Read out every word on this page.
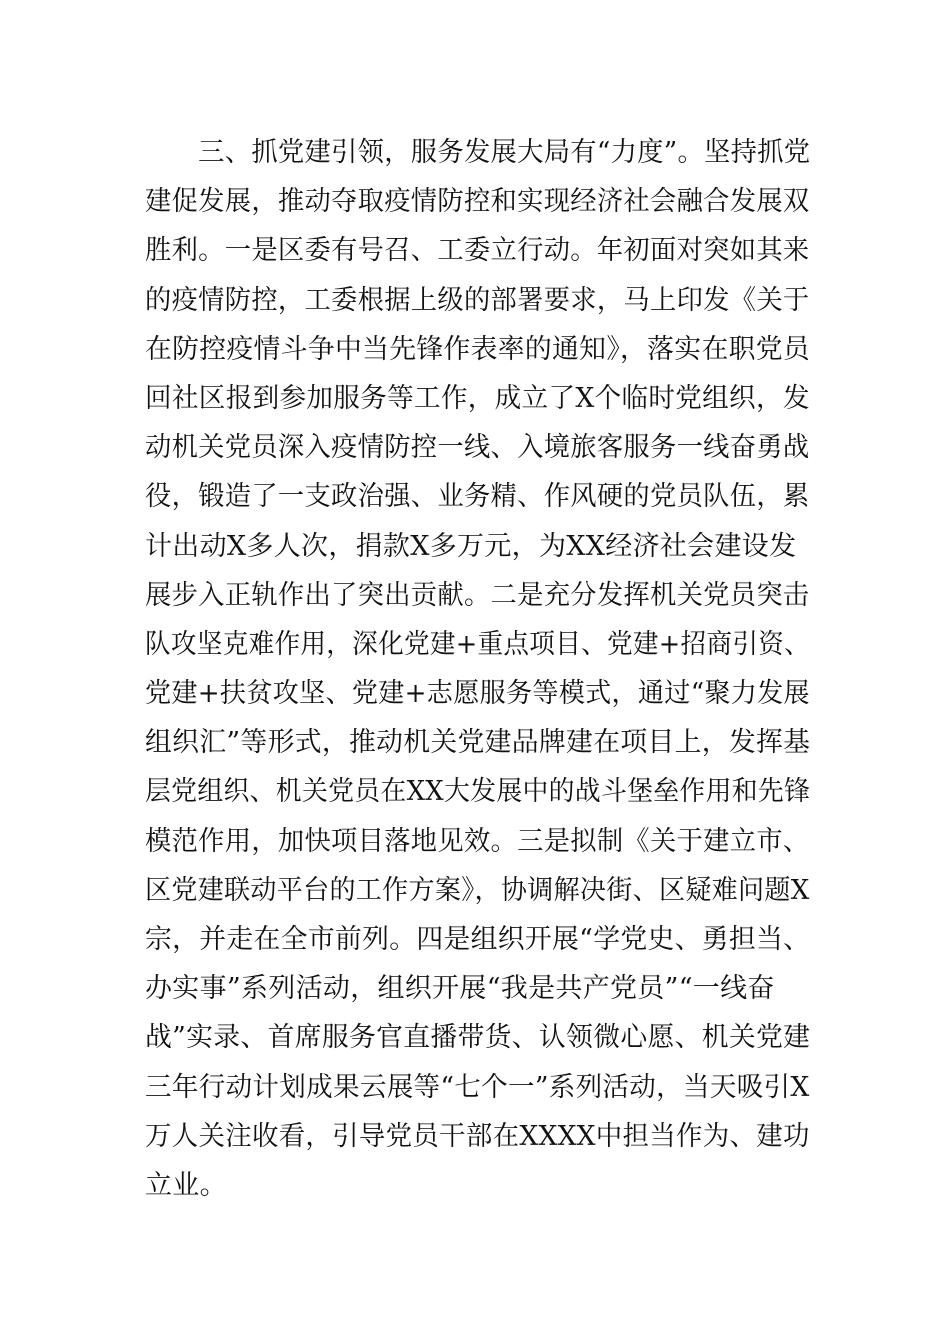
　　三、抓党建引领，服务发展大局有“力度”。坚持抓党
建促发展，推动夺取疫情防控和实现经济社会融合发展双
胜利。一是区委有号召、工委立行动。年初面对突如其来
的疫情防控，工委根据上级的部署要求，马上印发《关于
在防控疫情斗争中当先锋作表率的通知》，落实在职党员
回社区报到参加服务等工作，成立了X个临时党组织，发
动机关党员深入疫情防控一线、入境旅客服务一线奋勇战
役，锻造了一支政治强、业务精、作风硬的党员队伍，累
计出动X多人次，捐款X多万元，为XX经济社会建设发
展步入正轨作出了突出贡献。二是充分发挥机关党员突击
队攻坚克难作用，深化党建+重点项目、党建+招商引资、
党建+扶贫攻坚、党建+志愿服务等模式，通过“聚力发展
组织汇”等形式，推动机关党建品牌建在项目上，发挥基
层党组织、机关党员在XX大发展中的战斗堡垒作用和先锋
模范作用，加快项目落地见效。三是拟制《关于建立市、
区党建联动平台的工作方案》，协调解决街、区疑难问题X
宗，并走在全市前列。四是组织开展“学党史、勇担当、
办实事”系列活动，组织开展“我是共产党员”“一线奋
战”实录、首席服务官直播带货、认领微心愿、机关党建
三年行动计划成果云展等“七个一”系列活动，当天吸引X
万人关注收看，引导党员干部在XXXX中担当作为、建功
立业。
